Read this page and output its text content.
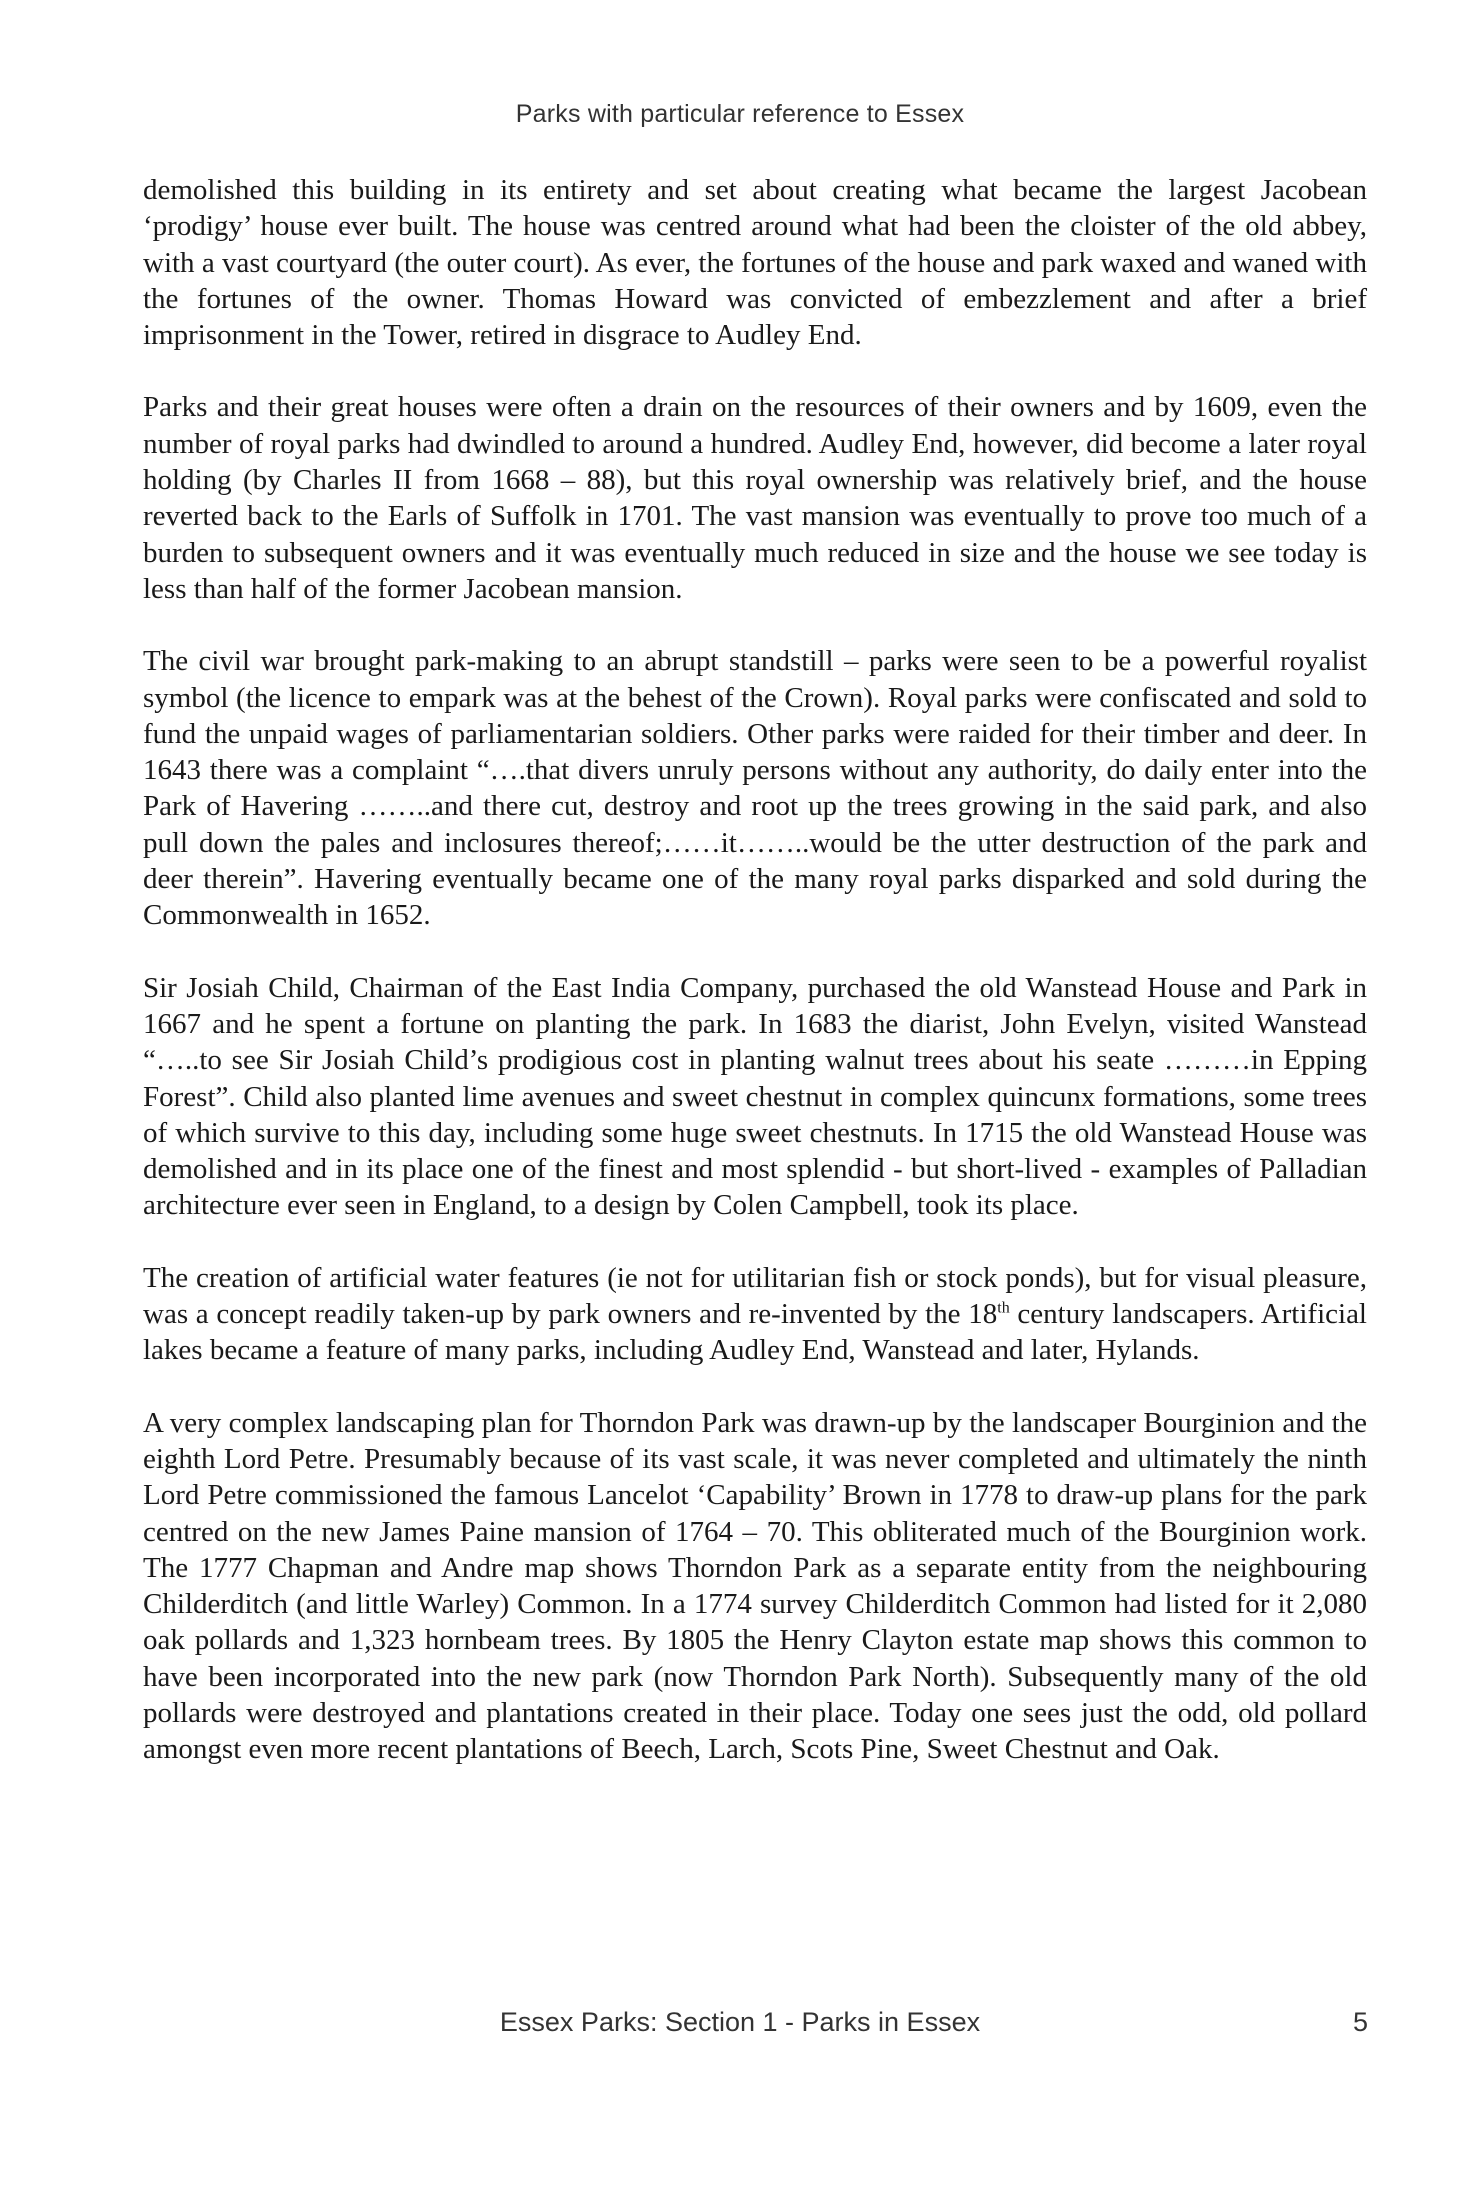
Parks with particular reference to Essex

demolished this building in its entirety and set about creating what became the largest Jacobean ‘prodigy’ house ever built. The house was centred around what had been the cloister of the old abbey, with a vast courtyard (the outer court). As ever, the fortunes of the house and park waxed and waned with the fortunes of the owner. Thomas Howard was convicted of embezzlement and after a brief imprisonment in the Tower, retired in disgrace to Audley End.

Parks and their great houses were often a drain on the resources of their owners and by 1609, even the number of royal parks had dwindled to around a hundred. Audley End, however, did become a later royal holding (by Charles II from 1668 – 88), but this royal ownership was relatively brief, and the house reverted back to the Earls of Suffolk in 1701. The vast mansion was eventually to prove too much of a burden to subsequent owners and it was eventually much reduced in size and the house we see today is less than half of the former Jacobean mansion.

The civil war brought park-making to an abrupt standstill – parks were seen to be a powerful royalist symbol (the licence to empark was at the behest of the Crown). Royal parks were confiscated and sold to fund the unpaid wages of parliamentarian soldiers. Other parks were raided for their timber and deer. In 1643 there was a complaint “….that divers unruly persons without any authority, do daily enter into the Park of Havering ……..and there cut, destroy and root up the trees growing in the said park, and also pull down the pales and inclosures thereof;……it……..would be the utter destruction of the park and deer therein”. Havering eventually became one of the many royal parks disparked and sold during the Commonwealth in 1652.

Sir Josiah Child, Chairman of the East India Company, purchased the old Wanstead House and Park in 1667 and he spent a fortune on planting the park. In 1683 the diarist, John Evelyn, visited Wanstead “…..to see Sir Josiah Child’s prodigious cost in planting walnut trees about his seate ………in Epping Forest”. Child also planted lime avenues and sweet chestnut in complex quincunx formations, some trees of which survive to this day, including some huge sweet chestnuts. In 1715 the old Wanstead House was demolished and in its place one of the finest and most splendid - but short-lived - examples of Palladian architecture ever seen in England, to a design by Colen Campbell, took its place.

The creation of artificial water features (ie not for utilitarian fish or stock ponds), but for visual pleasure, was a concept readily taken-up by park owners and re-invented by the 18th century landscapers. Artificial lakes became a feature of many parks, including Audley End, Wanstead and later, Hylands.

A very complex landscaping plan for Thorndon Park was drawn-up by the landscaper Bourginion and the eighth Lord Petre. Presumably because of its vast scale, it was never completed and ultimately the ninth Lord Petre commissioned the famous Lancelot ‘Capability’ Brown in 1778 to draw-up plans for the park centred on the new James Paine mansion of 1764 – 70. This obliterated much of the Bourginion work. The 1777 Chapman and Andre map shows Thorndon Park as a separate entity from the neighbouring Childerditch (and little Warley) Common. In a 1774 survey Childerditch Common had listed for it 2,080 oak pollards and 1,323 hornbeam trees. By 1805 the Henry Clayton estate map shows this common to have been incorporated into the new park (now Thorndon Park North). Subsequently many of the old pollards were destroyed and plantations created in their place. Today one sees just the odd, old pollard amongst even more recent plantations of Beech, Larch, Scots Pine, Sweet Chestnut and Oak.

Essex Parks: Section 1 - Parks in Essex	5
